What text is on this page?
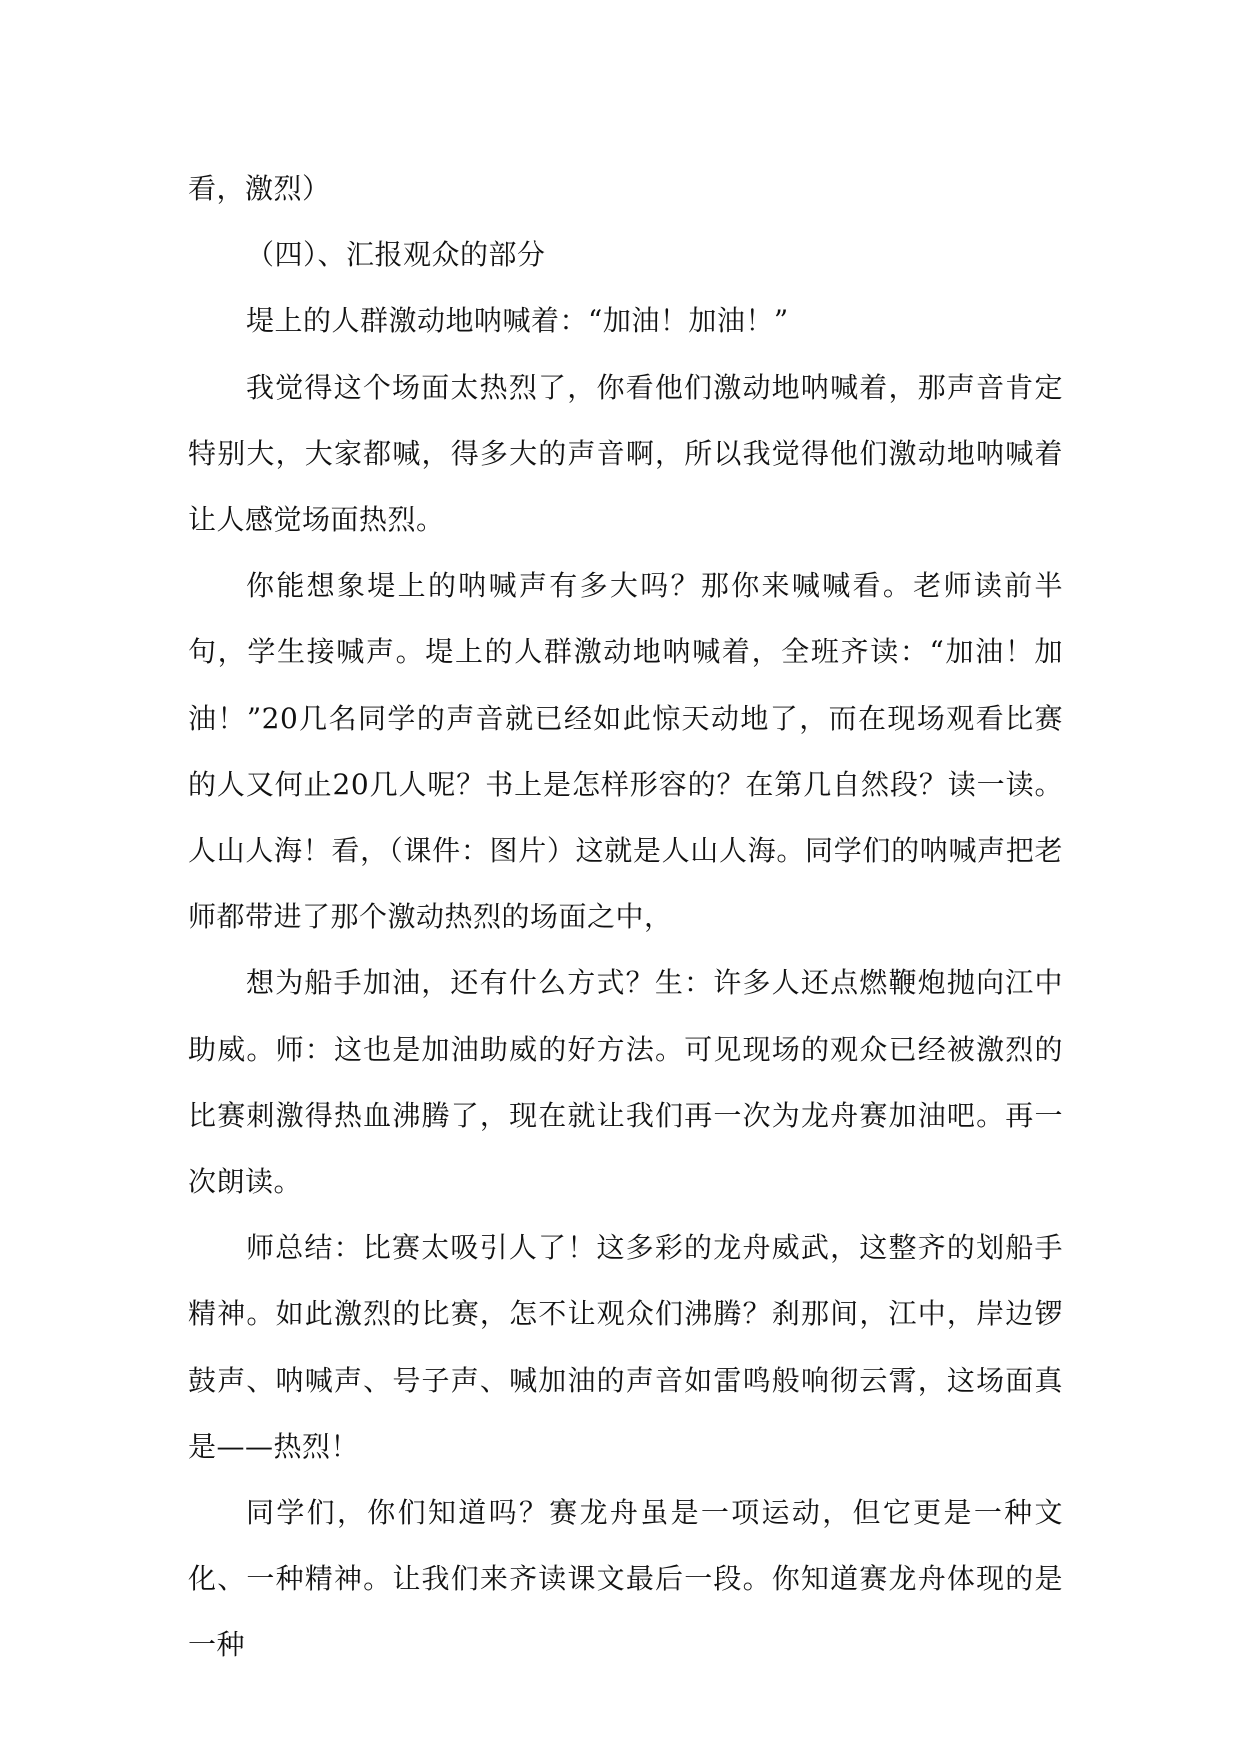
看，激烈）

（四）、汇报观众的部分

堤上的人群激动地呐喊着：“加油！加油！”

我觉得这个场面太热烈了，你看他们激动地呐喊着，那声音肯定特别大，大家都喊，得多大的声音啊，所以我觉得他们激动地呐喊着让人感觉场面热烈。

你能想象堤上的呐喊声有多大吗？那你来喊喊看。老师读前半句，学生接喊声。堤上的人群激动地呐喊着，全班齐读：“加油！加油！”20几名同学的声音就已经如此惊天动地了，而在现场观看比赛的人又何止20几人呢？书上是怎样形容的？在第几自然段？读一读。人山人海！看，（课件：图片）这就是人山人海。同学们的呐喊声把老师都带进了那个激动热烈的场面之中，

想为船手加油，还有什么方式？生：许多人还点燃鞭炮抛向江中助威。师：这也是加油助威的好方法。可见现场的观众已经被激烈的比赛刺激得热血沸腾了，现在就让我们再一次为龙舟赛加油吧。再一次朗读。

师总结：比赛太吸引人了！这多彩的龙舟威武，这整齐的划船手精神。如此激烈的比赛，怎不让观众们沸腾？刹那间，江中，岸边锣鼓声、呐喊声、号子声、喊加油的声音如雷鸣般响彻云霄，这场面真是——热烈！

同学们，你们知道吗？赛龙舟虽是一项运动，但它更是一种文化、一种精神。让我们来齐读课文最后一段。你知道赛龙舟体现的是一种
